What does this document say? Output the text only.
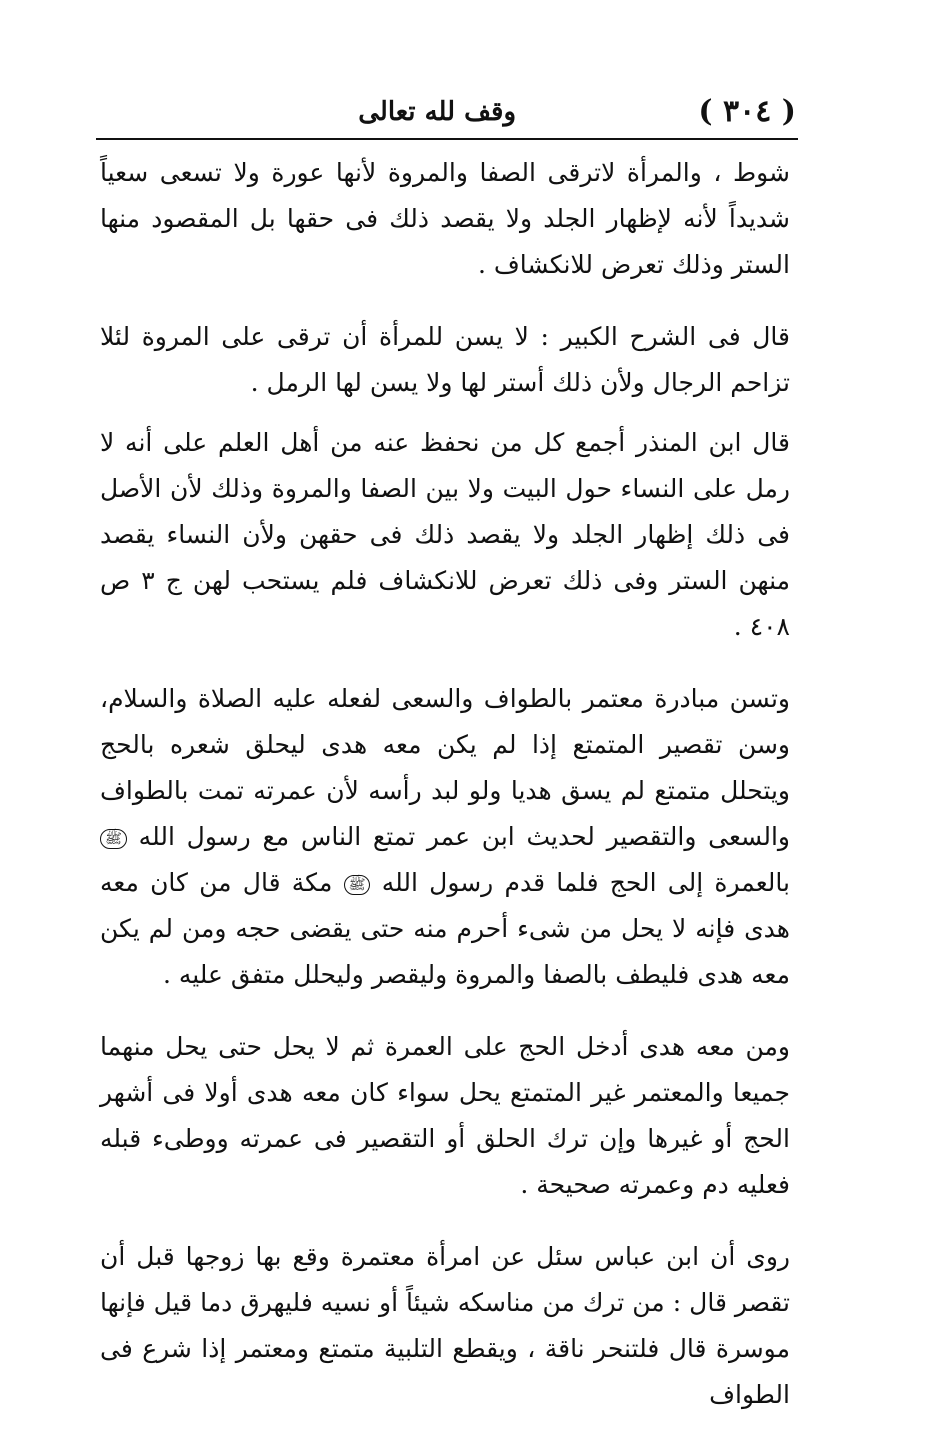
( ٣٠٤ )
وقف لله تعالى

شوط ، والمرأة لاترقى الصفا والمروة لأنها عورة ولا تسعى سعياً شديداً لأنه لإظهار الجلد ولا يقصد ذلك فى حقها بل المقصود منها الستر وذلك تعرض للانكشاف .

قال فى الشرح الكبير : لا يسن للمرأة أن ترقى على المروة لئلا تزاحم الرجال ولأن ذلك أستر لها ولا يسن لها الرمل .

قال ابن المنذر أجمع كل من نحفظ عنه من أهل العلم على أنه لا رمل على النساء حول البيت ولا بين الصفا والمروة وذلك لأن الأصل فى ذلك إظهار الجلد ولا يقصد ذلك فى حقهن ولأن النساء يقصد منهن الستر وفى ذلك تعرض للانكشاف فلم يستحب لهن ج ٣ ص ٤٠٨ .

وتسن مبادرة معتمر بالطواف والسعى لفعله عليه الصلاة والسلام، وسن تقصير المتمتع إذا لم يكن معه هدى ليحلق شعره بالحج ويتحلل متمتع لم يسق هديا ولو لبد رأسه لأن عمرته تمت بالطواف والسعى والتقصير لحديث ابن عمر تمتع الناس مع رسول الله ﷺ بالعمرة إلى الحج فلما قدم رسول الله ﷺ مكة قال من كان معه هدى فإنه لا يحل من شىء أحرم منه حتى يقضى حجه ومن لم يكن معه هدى فليطف بالصفا والمروة وليقصر وليحلل متفق عليه .

ومن معه هدى أدخل الحج على العمرة ثم لا يحل حتى يحل منهما جميعا والمعتمر غير المتمتع يحل سواء كان معه هدى أولا فى أشهر الحج أو غيرها وإن ترك الحلق أو التقصير فى عمرته ووطىء قبله فعليه دم وعمرته صحيحة .

روى أن ابن عباس سئل عن امرأة معتمرة وقع بها زوجها قبل أن تقصر قال : من ترك من مناسكه شيئاً أو نسيه فليهرق دما قيل فإنها موسرة قال فلتنحر ناقة ، ويقطع التلبية متمتع ومعتمر إذا شرع فى الطواف
